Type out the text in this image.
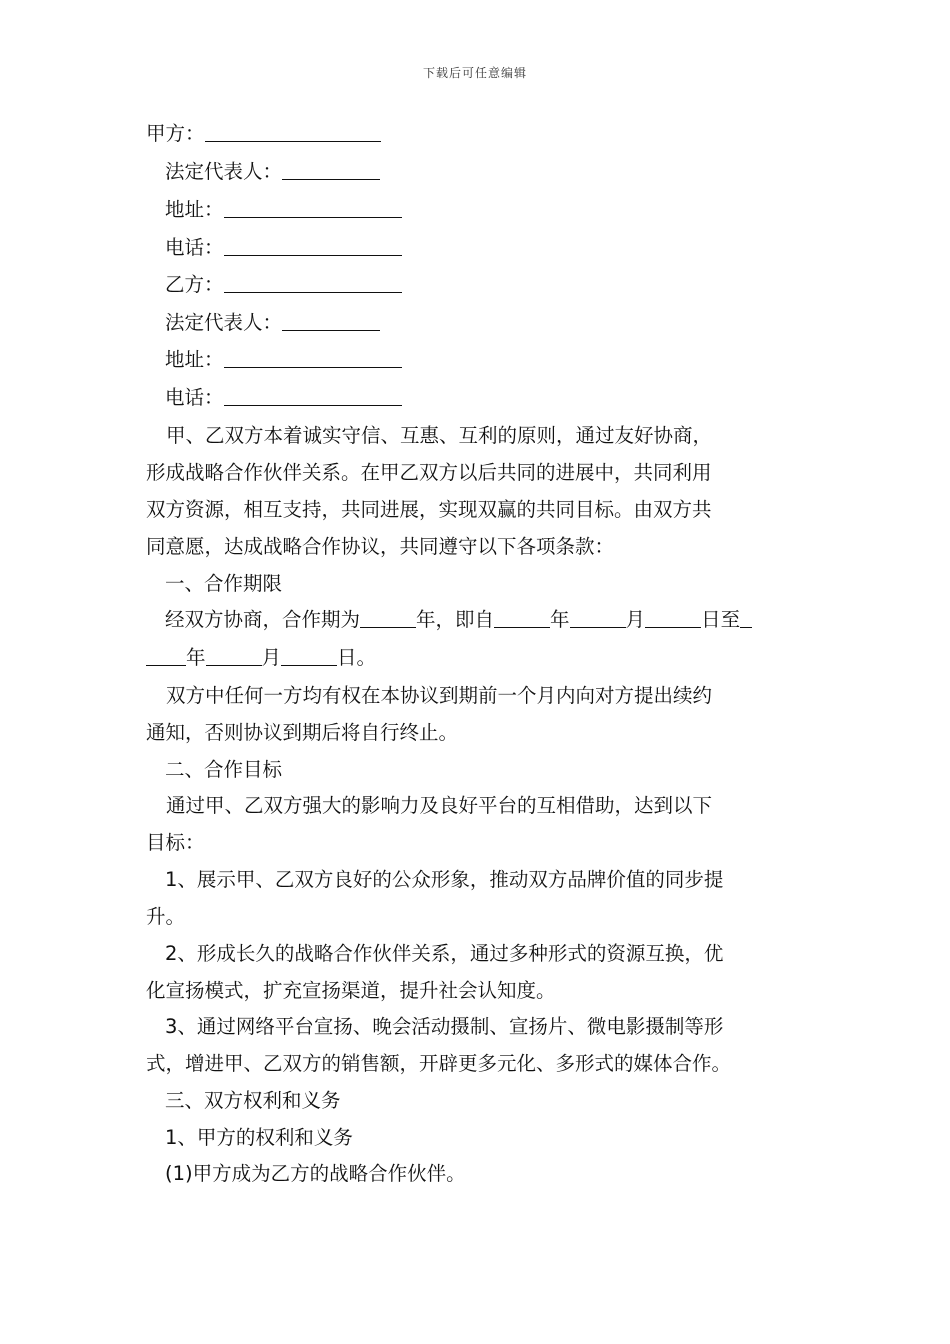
下载后可任意编辑
甲方：
法定代表人：
地址：
电话：
乙方：
法定代表人：
地址：
电话：
甲、乙双方本着诚实守信、互惠、互利的原则，通过友好协商，
形成战略合作伙伴关系。在甲乙双方以后共同的进展中，共同利用
双方资源，相互支持，共同进展，实现双赢的共同目标。由双方共
同意愿，达成战略合作协议，共同遵守以下各项条款：
一、合作期限
经双方协商，合作期为	年，即自	年	月	日至
年	月	日。
双方中任何一方均有权在本协议到期前一个月内向对方提出续约
通知，否则协议到期后将自行终止。
二、合作目标
通过甲、乙双方强大的影响力及良好平台的互相借助，达到以下
目标：
1、展示甲、乙双方良好的公众形象，推动双方品牌价值的同步提
升。
2、形成长久的战略合作伙伴关系，通过多种形式的资源互换，优
化宣扬模式，扩充宣扬渠道，提升社会认知度。
3、通过网络平台宣扬、晚会活动摄制、宣扬片、微电影摄制等形
式，增进甲、乙双方的销售额，开辟更多元化、多形式的媒体合作。
三、双方权利和义务
1、甲方的权利和义务
(1)甲方成为乙方的战略合作伙伴。
